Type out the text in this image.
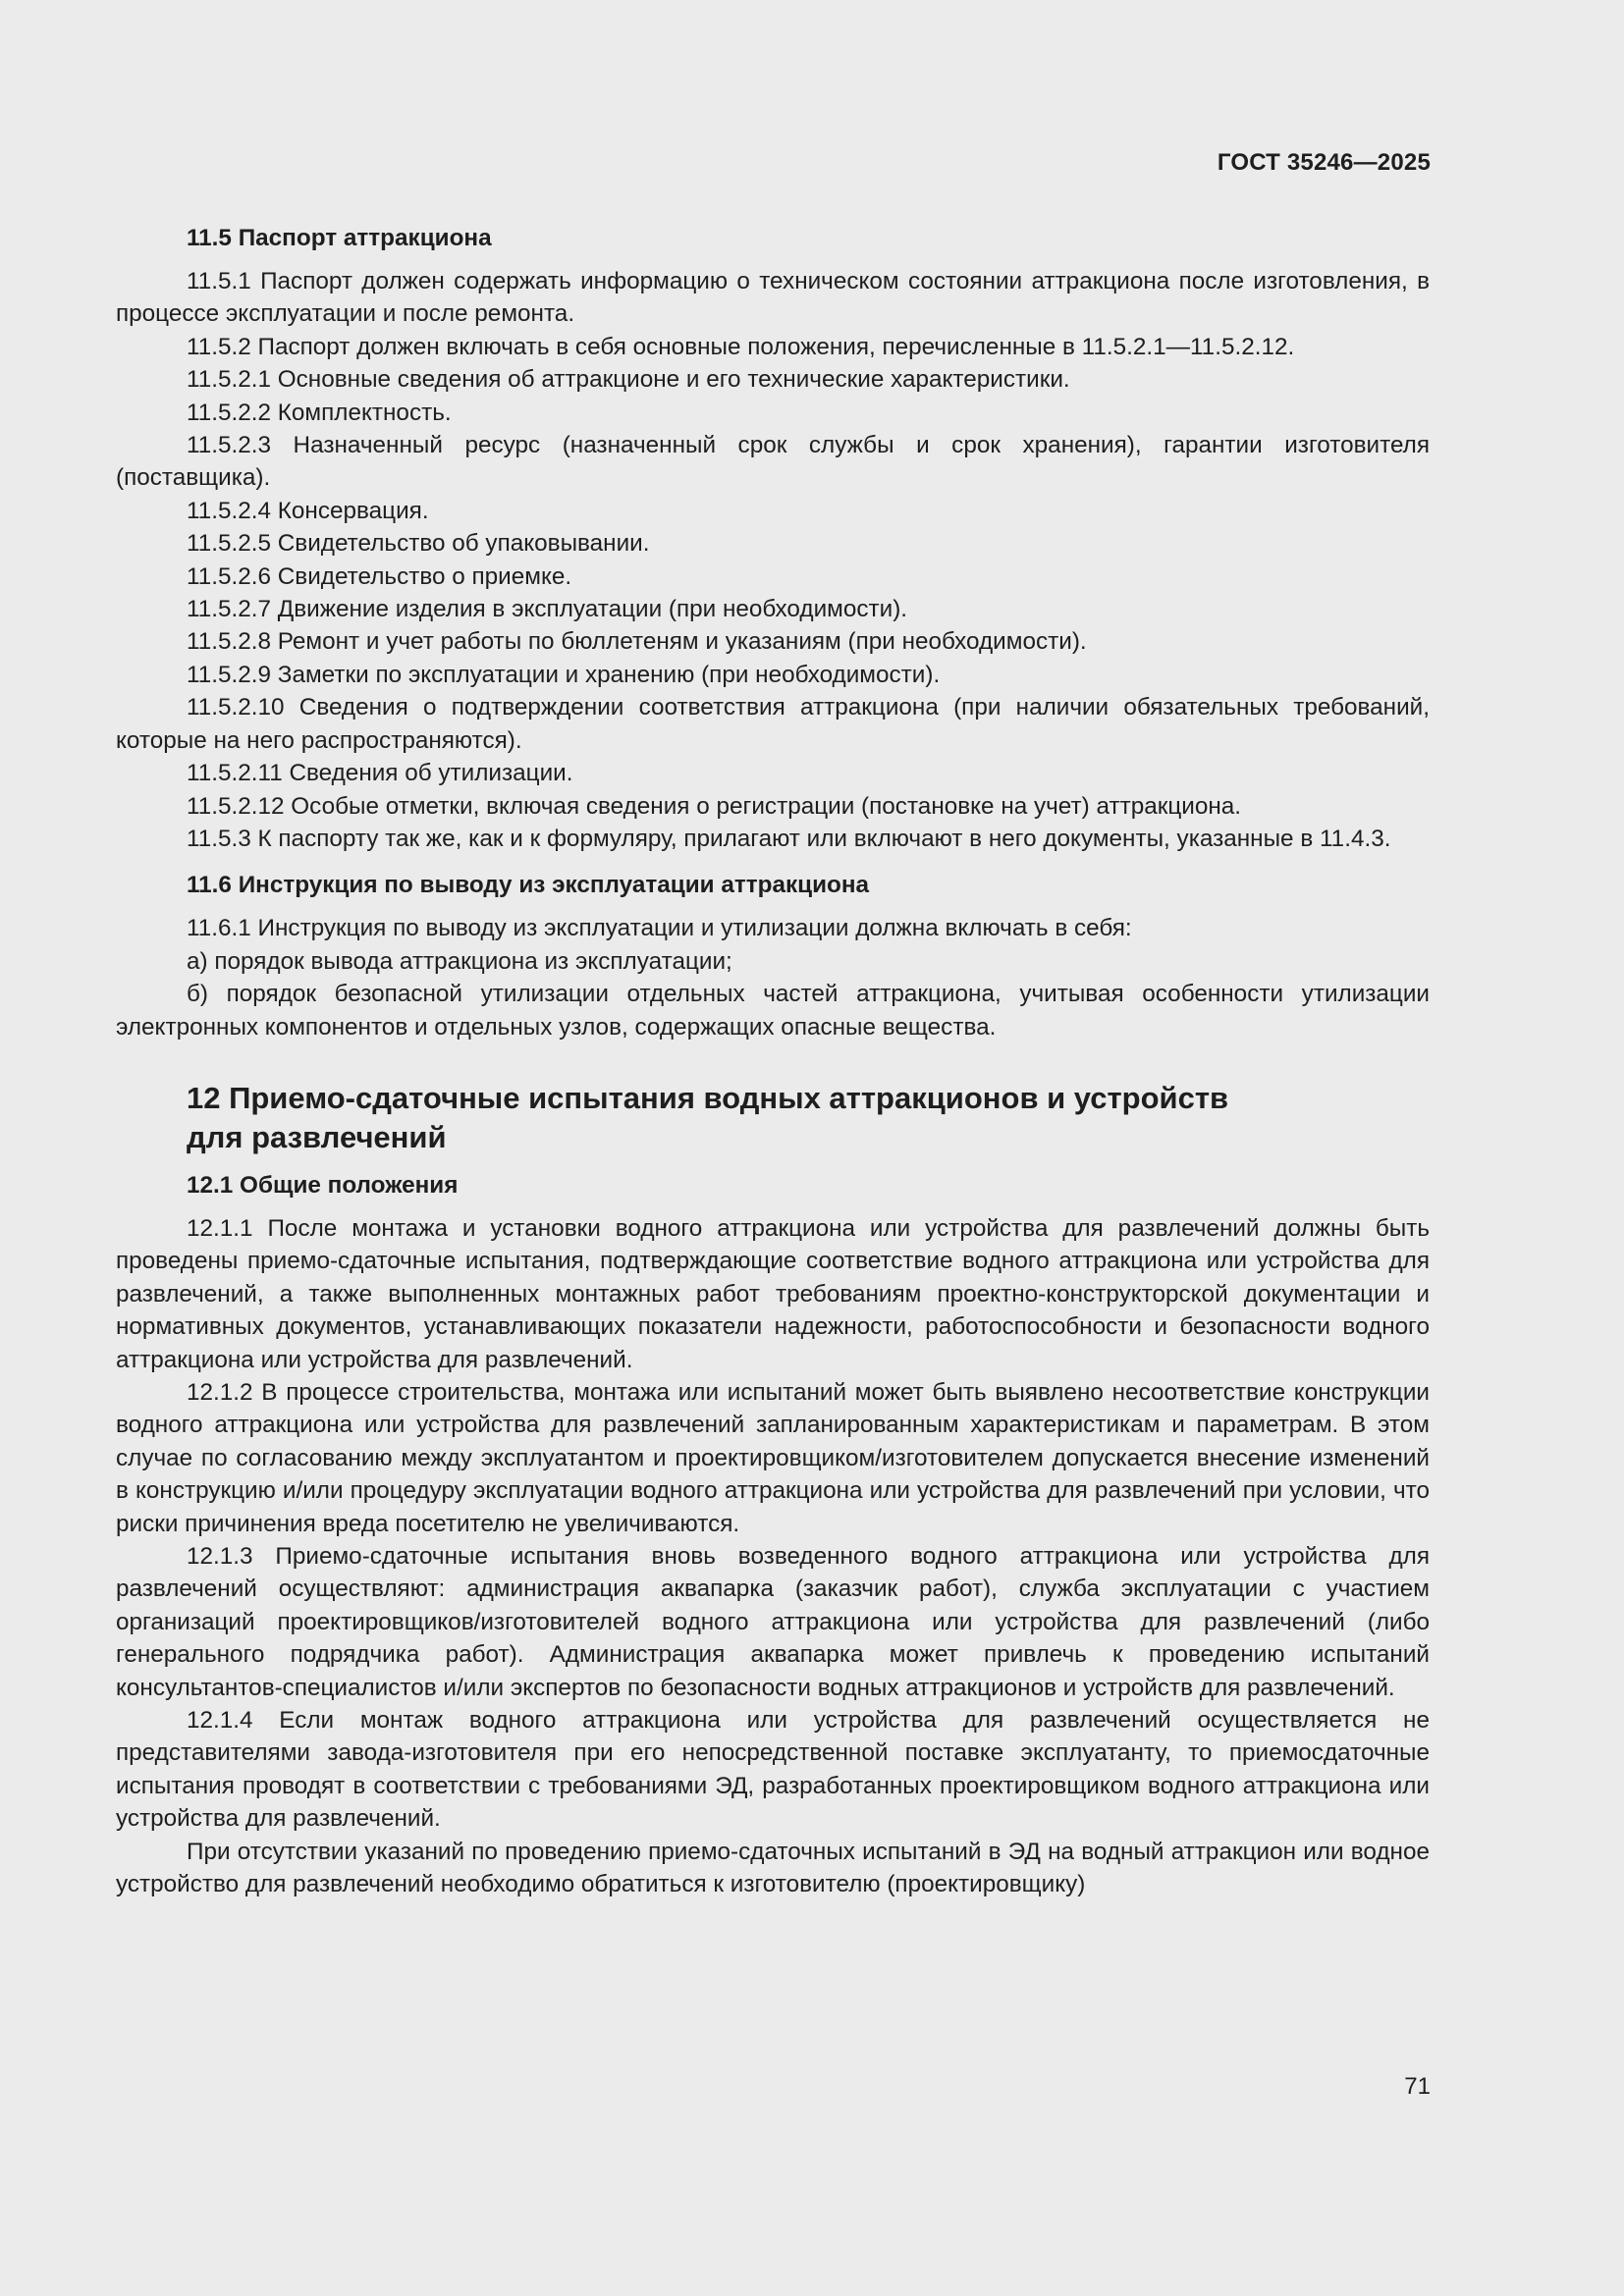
ГОСТ 35246—2025
11.5 Паспорт аттракциона

11.5.1 Паспорт должен содержать информацию о техническом состоянии аттракциона после изготовления, в процессе эксплуатации и после ремонта.

11.5.2 Паспорт должен включать в себя основные положения, перечисленные в 11.5.2.1—11.5.2.12.

11.5.2.1 Основные сведения об аттракционе и его технические характеристики.

11.5.2.2 Комплектность.

11.5.2.3 Назначенный ресурс (назначенный срок службы и срок хранения), гарантии изготовителя (поставщика).

11.5.2.4 Консервация.

11.5.2.5 Свидетельство об упаковывании.

11.5.2.6 Свидетельство о приемке.

11.5.2.7 Движение изделия в эксплуатации (при необходимости).

11.5.2.8 Ремонт и учет работы по бюллетеням и указаниям (при необходимости).

11.5.2.9 Заметки по эксплуатации и хранению (при необходимости).

11.5.2.10 Сведения о подтверждении соответствия аттракциона (при наличии обязательных требований, которые на него распространяются).

11.5.2.11 Сведения об утилизации.

11.5.2.12 Особые отметки, включая сведения о регистрации (постановке на учет) аттракциона.

11.5.3 К паспорту так же, как и к формуляру, прилагают или включают в него документы, указанные в 11.4.3.

11.6 Инструкция по выводу из эксплуатации аттракциона

11.6.1 Инструкция по выводу из эксплуатации и утилизации должна включать в себя:

а) порядок вывода аттракциона из эксплуатации;

б) порядок безопасной утилизации отдельных частей аттракциона, учитывая особенности утилизации электронных компонентов и отдельных узлов, содержащих опасные вещества.

12 Приемо-сдаточные испытания водных аттракционов и устройств для развлечений
12.1 Общие положения

12.1.1 После монтажа и установки водного аттракциона или устройства для развлечений должны быть проведены приемо-сдаточные испытания, подтверждающие соответствие водного аттракциона или устройства для развлечений, а также выполненных монтажных работ требованиям проектно-конструкторской документации и нормативных документов, устанавливающих показатели надежности, работоспособности и безопасности водного аттракциона или устройства для развлечений.

12.1.2 В процессе строительства, монтажа или испытаний может быть выявлено несоответствие конструкции водного аттракциона или устройства для развлечений запланированным характеристикам и параметрам. В этом случае по согласованию между эксплуатантом и проектировщиком/изготовителем допускается внесение изменений в конструкцию и/или процедуру эксплуатации водного аттракциона или устройства для развлечений при условии, что риски причинения вреда посетителю не увеличиваются.

12.1.3 Приемо-сдаточные испытания вновь возведенного водного аттракциона или устройства для развлечений осуществляют: администрация аквапарка (заказчик работ), служба эксплуатации с участием организаций проектировщиков/изготовителей водного аттракциона или устройства для развлечений (либо генерального подрядчика работ). Администрация аквапарка может привлечь к проведению испытаний консультантов-специалистов и/или экспертов по безопасности водных аттракционов и устройств для развлечений.

12.1.4 Если монтаж водного аттракциона или устройства для развлечений осуществляется не представителями завода-изготовителя при его непосредственной поставке эксплуатанту, то приемосдаточные испытания проводят в соответствии с требованиями ЭД, разработанных проектировщиком водного аттракциона или устройства для развлечений.

При отсутствии указаний по проведению приемо-сдаточных испытаний в ЭД на водный аттракцион или водное устройство для развлечений необходимо обратиться к изготовителю (проектировщику)

71
